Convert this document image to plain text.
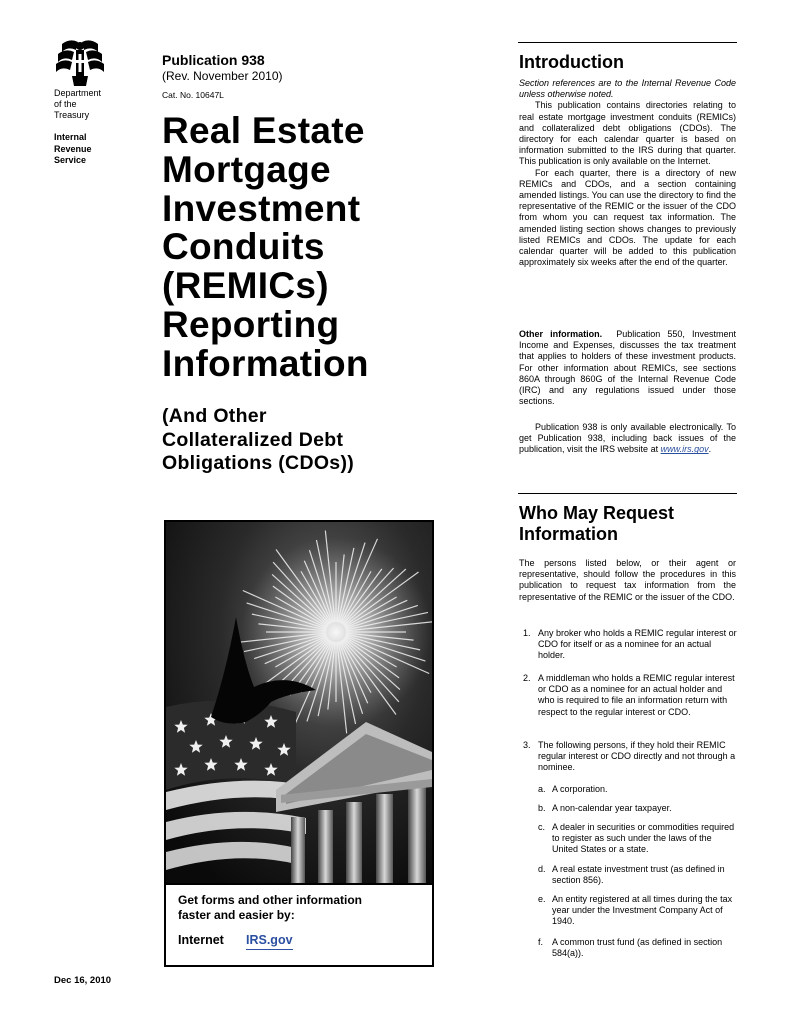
Department
of the
Treasury
Internal
Revenue
Service
Publication 938
(Rev. November 2010)
Cat. No. 10647L
Real Estate
Mortgage
Investment
Conduits
(REMICs)
Reporting
Information
(And Other
Collateralized Debt
Obligations (CDOs))
Get forms and other information
faster and easier by:
Internet IRS.gov
Dec 16, 2010
Introduction

Section references are to the Internal Revenue Code unless otherwise noted.

This publication contains directories relating to real estate mortgage investment conduits (REMICs) and collateralized debt obligations (CDOs). The directory for each calendar quarter is based on information submitted to the IRS during that quarter. This publication is only available on the Internet.

For each quarter, there is a directory of new REMICs and CDOs, and a section containing amended listings. You can use the directory to find the representative of the REMIC or the issuer of the CDO from whom you can request tax information. The amended listing section shows changes to previously listed REMICs and CDOs. The update for each calendar quarter will be added to this publication approximately six weeks after the end of the quarter.

Other information. Publication 550, Investment Income and Expenses, discusses the tax treatment that applies to holders of these investment products. For other information about REMICs, see sections 860A through 860G of the Internal Revenue Code (IRC) and any regulations issued under those sections.

Publication 938 is only available electronically. To get Publication 938, including back issues of the publication, visit the IRS website at www.irs.gov.

Who May Request
Information

The persons listed below, or their agent or representative, should follow the procedures in this publication to request tax information from the representative of the REMIC or the issuer of the CDO.

1. Any broker who holds a REMIC regular interest or CDO for itself or as a nominee for an actual holder.
2. A middleman who holds a REMIC regular interest or CDO as a nominee for an actual holder and who is required to file an information return with respect to the regular interest or CDO.
3. The following persons, if they hold their REMIC regular interest or CDO directly and not through a nominee.
a. A corporation.
b. A non-calendar year taxpayer.
c. A dealer in securities or commodities required to register as such under the laws of the United States or a state.
d. A real estate investment trust (as defined in section 856).
e. An entity registered at all times during the tax year under the Investment Company Act of 1940.
f. A common trust fund (as defined in section 584(a)).
